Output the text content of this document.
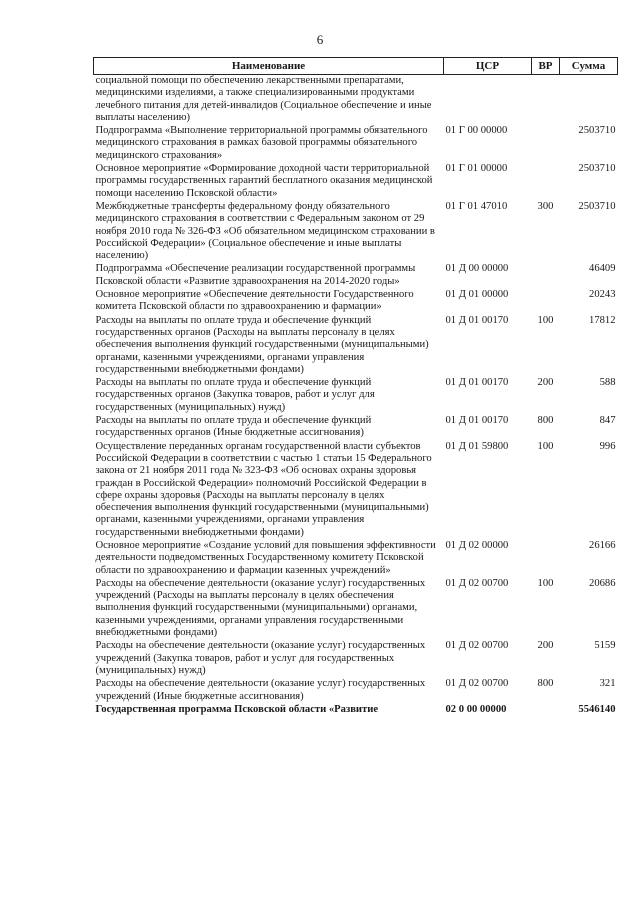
6
Наименование	ЦСР	ВР	Сумма
социальной помощи по обеспечению лекарственными препаратами, медицинскими изделиями, а также специализированными продуктами лечебного питания для детей-инвалидов (Социальное обеспечение и иные выплаты населению)			
Подпрограмма «Выполнение территориальной программы обязательного медицинского страхования в рамках базовой программы обязательного медицинского страхования»	01 Г 00 00000		2503710
Основное мероприятие «Формирование доходной части территориальной программы государственных гарантий бесплатного оказания медицинской помощи населению Псковской области»	01 Г 01 00000		2503710
Межбюджетные трансферты федеральному фонду обязательного медицинского страхования в соответствии с Федеральным законом от 29 ноября 2010 года № 326-ФЗ «Об обязательном медицинском страховании в Российской Федерации» (Социальное обеспечение и иные выплаты населению)	01 Г 01 47010	300	2503710
Подпрограмма «Обеспечение реализации государственной программы Псковской области «Развитие здравоохранения на 2014-2020 годы»	01 Д 00 00000		46409
Основное мероприятие «Обеспечение деятельности Государственного комитета Псковской области по здравоохранению и фармации»	01 Д 01 00000		20243
Расходы на выплаты по оплате труда и обеспечение функций государственных органов (Расходы на выплаты персоналу в целях обеспечения выполнения функций государственными (муниципальными) органами, казенными учреждениями, органами управления государственными внебюджетными фондами)	01 Д 01 00170	100	17812
Расходы на выплаты по оплате труда и обеспечение функций государственных органов (Закупка товаров, работ и услуг для государственных (муниципальных) нужд)	01 Д 01 00170	200	588
Расходы на выплаты по оплате труда и обеспечение функций государственных органов (Иные бюджетные ассигнования)	01 Д 01 00170	800	847
Осуществление переданных органам государственной власти субъектов Российской Федерации в соответствии с частью 1 статьи 15 Федерального закона от 21 ноября 2011 года № 323-ФЗ «Об основах охраны здоровья граждан в Российской Федерации» полномочий Российской Федерации в сфере охраны здоровья (Расходы на выплаты персоналу в целях обеспечения выполнения функций государственными (муниципальными) органами, казенными учреждениями, органами управления государственными внебюджетными фондами)	01 Д 01 59800	100	996
Основное мероприятие «Создание условий для повышения эффективности деятельности подведомственных Государственному комитету Псковской области по здравоохранению и фармации казенных учреждений»	01 Д 02 00000		26166
Расходы на обеспечение деятельности (оказание услуг) государственных учреждений (Расходы на выплаты персоналу в целях обеспечения выполнения функций государственными (муниципальными) органами, казенными учреждениями, органами управления государственными внебюджетными фондами)	01 Д 02 00700	100	20686
Расходы на обеспечение деятельности (оказание услуг) государственных учреждений (Закупка товаров, работ и услуг для государственных (муниципальных) нужд)	01 Д 02 00700	200	5159
Расходы на обеспечение деятельности (оказание услуг) государственных учреждений (Иные бюджетные ассигнования)	01 Д 02 00700	800	321
Государственная программа Псковской области «Развитие	02 0 00 00000		5546140
